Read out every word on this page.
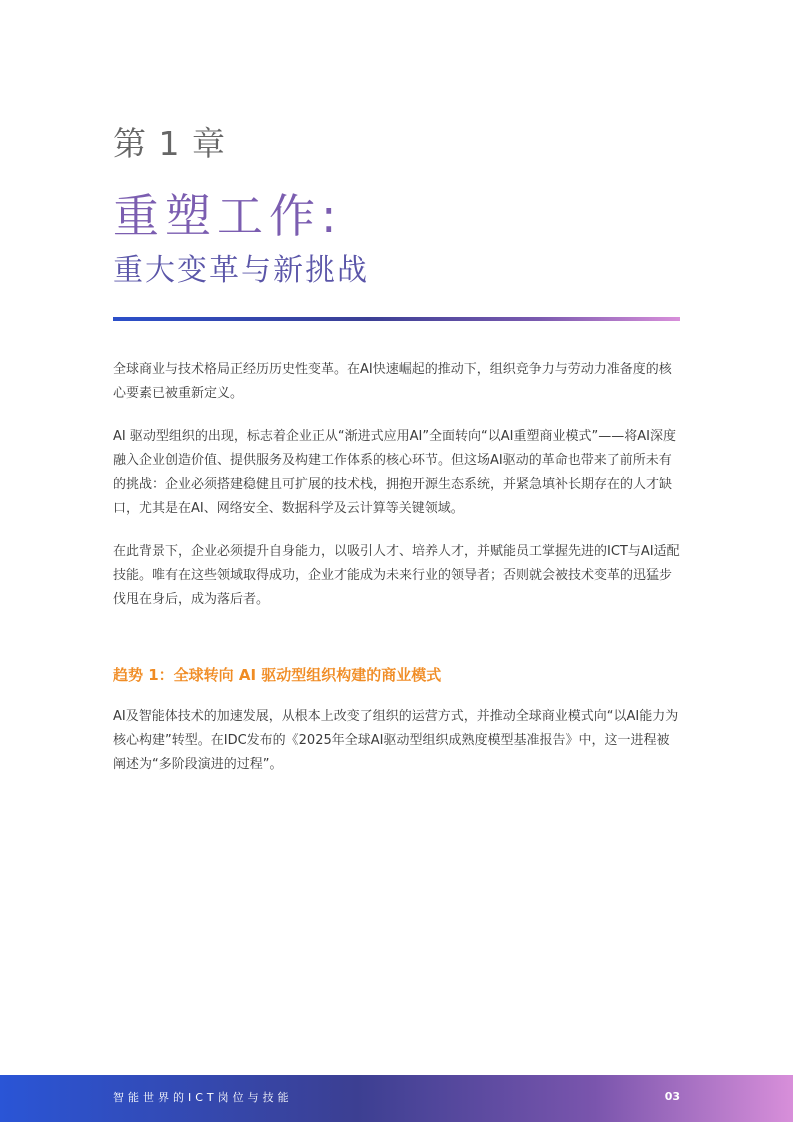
第 1 章
重塑工作:
重大变革与新挑战

全球商业与技术格局正经历历史性变革。在AI快速崛起的推动下，组织竞争力与劳动力准备度的核心要素已被重新定义。

AI 驱动型组织的出现，标志着企业正从“渐进式应用AI”全面转向“以AI重塑商业模式”——将AI深度融入企业创造价值、提供服务及构建工作体系的核心环节。但这场AI驱动的革命也带来了前所未有的挑战：企业必须搭建稳健且可扩展的技术栈，拥抱开源生态系统，并紧急填补长期存在的人才缺口，尤其是在AI、网络安全、数据科学及云计算等关键领域。

在此背景下，企业必须提升自身能力，以吸引人才、培养人才，并赋能员工掌握先进的ICT与AI适配技能。唯有在这些领域取得成功，企业才能成为未来行业的领导者；否则就会被技术变革的迅猛步伐甩在身后，成为落后者。

趋势 1：全球转向 AI 驱动型组织构建的商业模式

AI及智能体技术的加速发展，从根本上改变了组织的运营方式，并推动全球商业模式向“以AI能力为核心构建”转型。在IDC发布的《2025年全球AI驱动型组织成熟度模型基准报告》中，这一进程被阐述为“多阶段演进的过程”。

智能世界的ICT岗位与技能	03
